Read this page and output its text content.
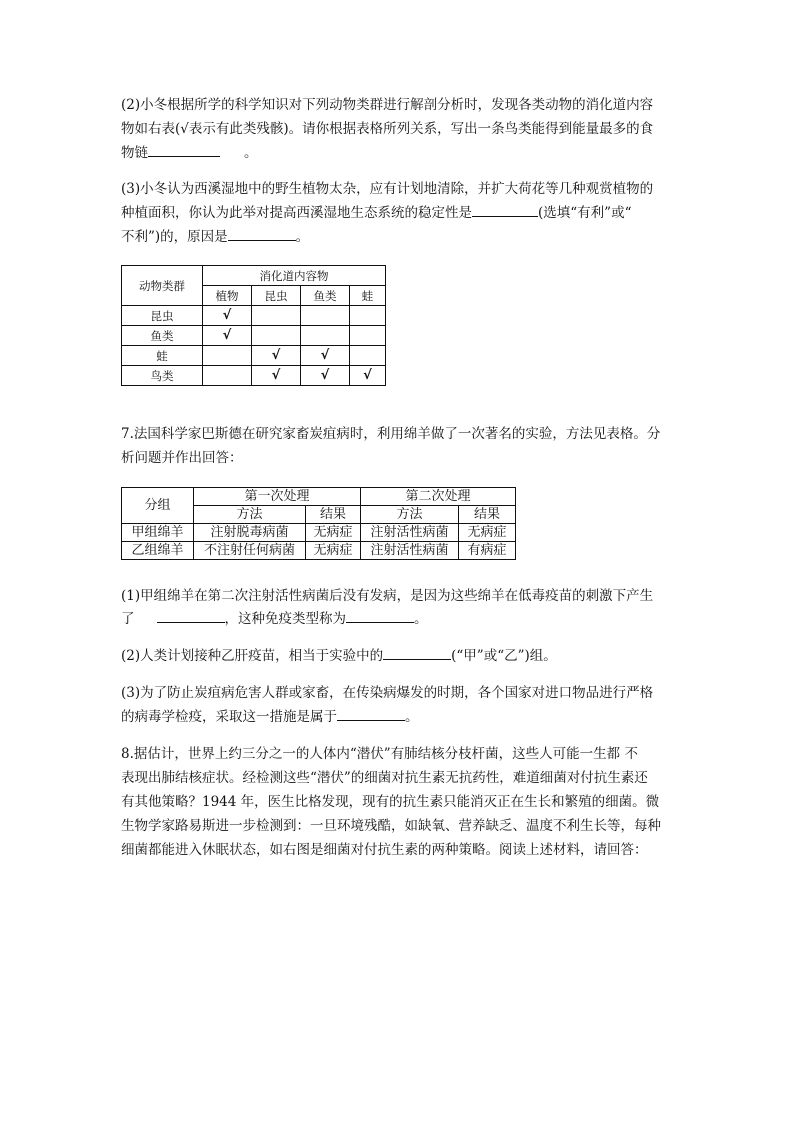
(2)小冬根据所学的科学知识对下列动物类群进行解剖分析时，发现各类动物的消化道内容

物如右表(√表示有此类残骸)。请你根据表格所列关系，写出一条鸟类能得到能量最多的食

物链	。

(3)小冬认为西溪湿地中的野生植物太杂，应有计划地清除，并扩大荷花等几种观赏植物的

种植面积，你认为此举对提高西溪湿地生态系统的稳定性是	(选填“有利”或“

不利”)的，原因是	。

动物类群	消化道内容物			
	植物	昆虫	鱼类	蛙
昆虫	√			
鱼类	√			
蛙		√	√	
鸟类		√	√	√

7.法国科学家巴斯德在研究家畜炭疽病时，利用绵羊做了一次著名的实验，方法见表格。分

析问题并作出回答：

分组	第一次处理		第二次处理	
	方法	结果	方法	结果
甲组绵羊	注射脱毒病菌	无病症	注射活性病菌	无病症
乙组绵羊	不注射任何病菌	无病症	注射活性病菌	有病症

(1)甲组绵羊在第二次注射活性病菌后没有发病，是因为这些绵羊在低毒疫苗的刺激下产生

了	，这种免疫类型称为	。

(2)人类计划接种乙肝疫苗，相当于实验中的	(“甲”或“乙”)组。

(3)为了防止炭疽病危害人群或家畜，在传染病爆发的时期，各个国家对进口物品进行严格

的病毒学检疫，采取这一措施是属于	。

8.据估计，世界上约三分之一的人体内“潜伏”有肺结核分枝杆菌，这些人可能一生都 不

表现出肺结核症状。经检测这些“潜伏”的细菌对抗生素无抗药性，难道细菌对付抗生素还

有其他策略？1944 年，医生比格发现，现有的抗生素只能消灭正在生长和繁殖的细菌。微

生物学家路易斯进一步检测到：一旦环境残酷，如缺氧、营养缺乏、温度不利生长等，每种

细菌都能进入休眠状态，如右图是细菌对付抗生素的两种策略。阅读上述材料，请回答：
